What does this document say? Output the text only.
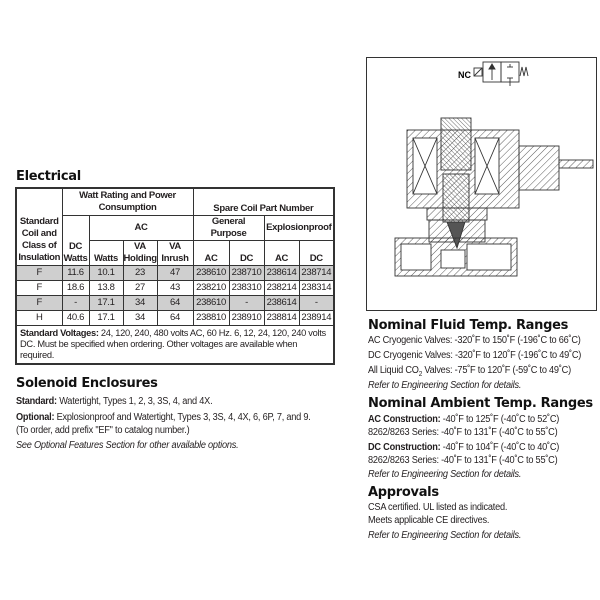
Electrical
Standard Coil and Class of Insulation	Watt Rating and Power Consumption				Spare Coil Part Number			
	DC Watts	AC			General Purpose		Explosionproof	
		Watts	VA Holding	VA Inrush	AC	DC	AC	DC
F	11.6	10.1	23	47	238610	238710	238614	238714
F	18.6	13.8	27	43	238210	238310	238214	238314
F	-	17.1	34	64	238610	-	238614	-
H	40.6	17.1	34	64	238810	238910	238814	238914
Standard Voltages: 24, 120, 240, 480 volts AC, 60 Hz. 6, 12, 24, 120, 240 volts DC. Must be specified when ordering. Other voltages are available when required.								
Solenoid Enclosures
Standard: Watertight, Types 1, 2, 3, 3S, 4, and 4X.
Optional: Explosionproof and Watertight, Types 3, 3S, 4, 4X, 6, 6P, 7, and 9.
(To order, add prefix "EF" to catalog number.)
See Optional Features Section for other available options.
NC
Nominal Fluid Temp. Ranges
AC Cryogenic Valves: -320˚F to 150˚F (-196˚C to 66˚C)
DC Cryogenic Valves: -320˚F to 120˚F (-196˚C to 49˚C)
All Liquid $CO_2$ Valves: -75˚F to 120˚F (-59˚C to 49˚C)
Refer to Engineering Section for details.
Nominal Ambient Temp. Ranges
AC Construction: -40˚F to 125˚F (-40˚C to 52˚C)
8262/8263 Series: -40˚F to 131˚F (-40˚C to 55˚C)
DC Construction: -40˚F to 104˚F (-40˚C to 40˚C)
8262/8263 Series: -40˚F to 131˚F (-40˚C to 55˚C)
Refer to Engineering Section for details.
Approvals
CSA certified. UL listed as indicated.
Meets applicable CE directives.
Refer to Engineering Section for details.
